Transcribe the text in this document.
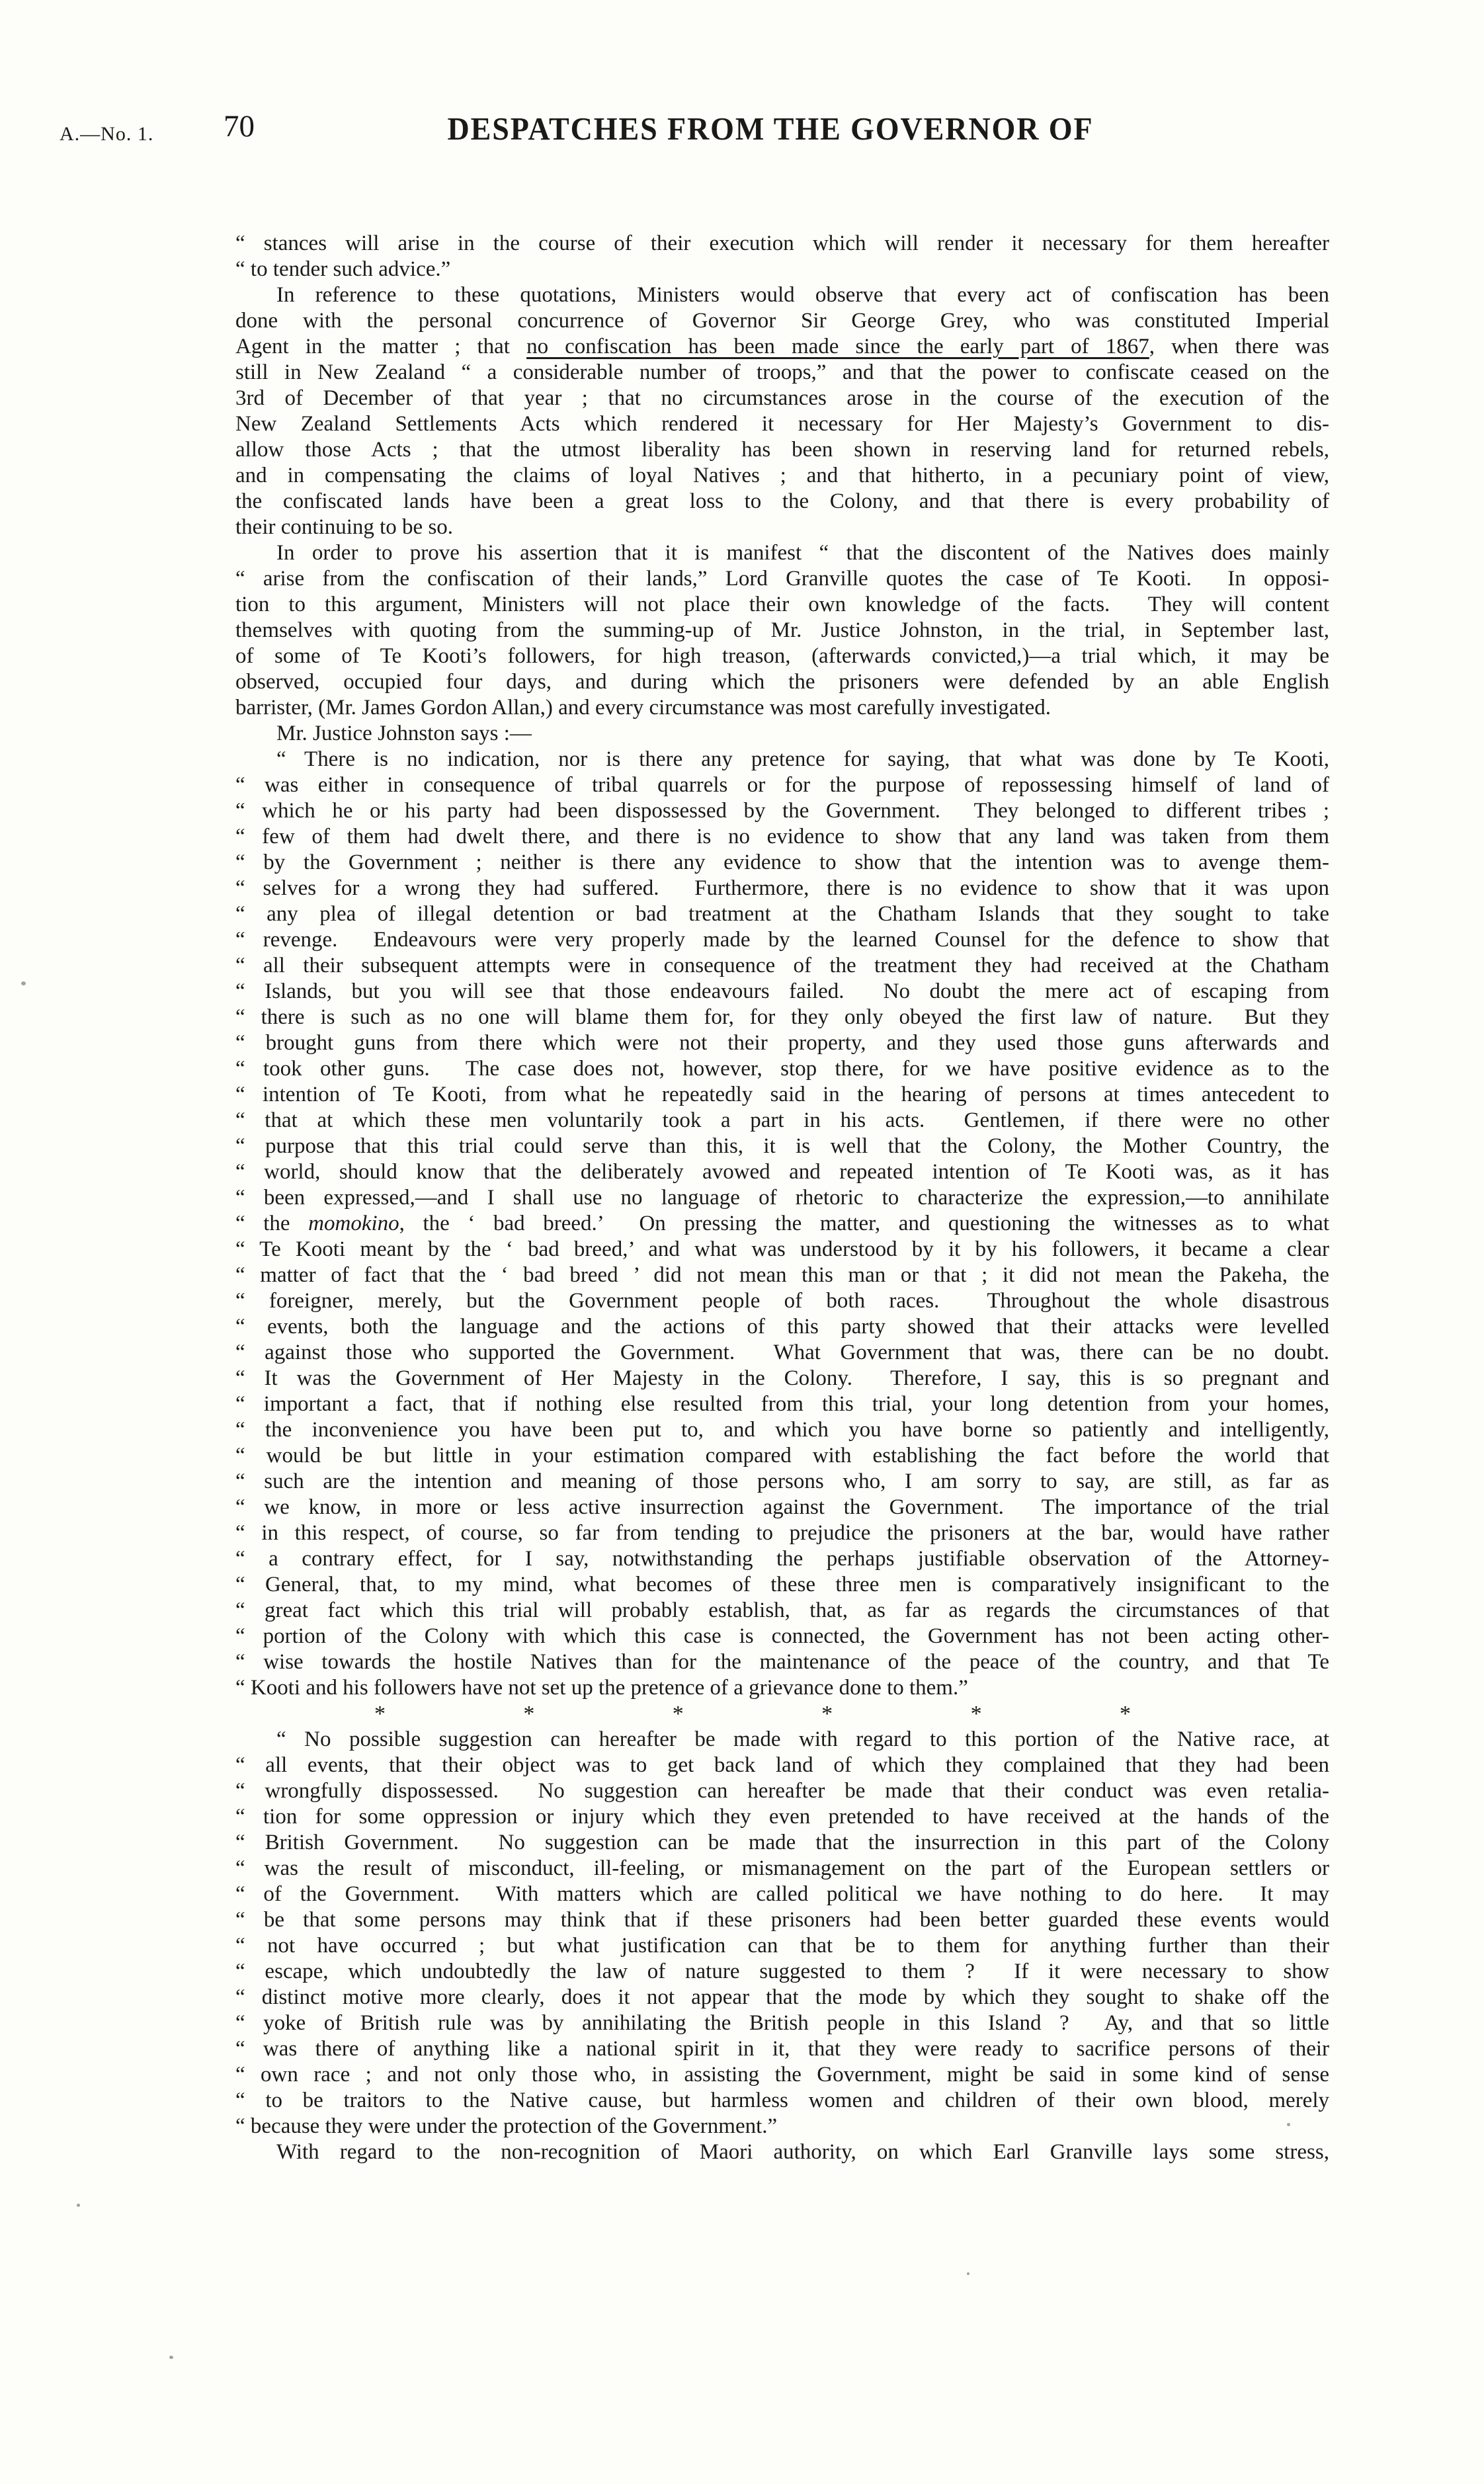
A.—No. 1. 70	DESPATCHES FROM THE GOVERNOR OF
“ stances will arise in the course of their execution which will render it necessary for them hereafter
“ to tender such advice.”
In reference to these quotations, Ministers would observe that every act of confiscation has been
done with the personal concurrence of Governor Sir George Grey, who was constituted Imperial
Agent in the matter ; that no confiscation has been made since the early part of 1867, when there was
still in New Zealand “ a considerable number of troops,” and that the power to confiscate ceased on the
3rd of December of that year ; that no circumstances arose in the course of the execution of the
New Zealand Settlements Acts which rendered it necessary for Her Majesty’s Government to dis-
allow those Acts ; that the utmost liberality has been shown in reserving land for returned rebels,
and in compensating the claims of loyal Natives ; and that hitherto, in a pecuniary point of view,
the confiscated lands have been a great loss to the Colony, and that there is every probability of
their continuing to be so.
In order to prove his assertion that it is manifest “ that the discontent of the Natives does mainly
“ arise from the confiscation of their lands,” Lord Granville quotes the case of Te Kooti.  In opposi-
tion to this argument, Ministers will not place their own knowledge of the facts.  They will content
themselves with quoting from the summing-up of Mr. Justice Johnston, in the trial, in September last,
of some of Te Kooti’s followers, for high treason, (afterwards convicted,)—a trial which, it may be
observed, occupied four days, and during which the prisoners were defended by an able English
barrister, (Mr. James Gordon Allan,) and every circumstance was most carefully investigated.
Mr. Justice Johnston says :—
“ There is no indication, nor is there any pretence for saying, that what was done by Te Kooti,
“ was either in consequence of tribal quarrels or for the purpose of repossessing himself of land of
“ which he or his party had been dispossessed by the Government.  They belonged to different tribes ;
“ few of them had dwelt there, and there is no evidence to show that any land was taken from them
“ by the Government ; neither is there any evidence to show that the intention was to avenge them-
“ selves for a wrong they had suffered.  Furthermore, there is no evidence to show that it was upon
“ any plea of illegal detention or bad treatment at the Chatham Islands that they sought to take
“ revenge.  Endeavours were very properly made by the learned Counsel for the defence to show that
“ all their subsequent attempts were in consequence of the treatment they had received at the Chatham
“ Islands, but you will see that those endeavours failed.  No doubt the mere act of escaping from
“ there is such as no one will blame them for, for they only obeyed the first law of nature.  But they
“ brought guns from there which were not their property, and they used those guns afterwards and
“ took other guns.  The case does not, however, stop there, for we have positive evidence as to the
“ intention of Te Kooti, from what he repeatedly said in the hearing of persons at times antecedent to
“ that at which these men voluntarily took a part in his acts.  Gentlemen, if there were no other
“ purpose that this trial could serve than this, it is well that the Colony, the Mother Country, the
“ world, should know that the deliberately avowed and repeated intention of Te Kooti was, as it has
“ been expressed,—and I shall use no language of rhetoric to characterize the expression,—to annihilate
“ the momokino, the ‘ bad breed.’  On pressing the matter, and questioning the witnesses as to what
“ Te Kooti meant by the ‘ bad breed,’ and what was understood by it by his followers, it became a clear
“ matter of fact that the ‘ bad breed ’ did not mean this man or that ; it did not mean the Pakeha, the
“ foreigner, merely, but the Government people of both races.  Throughout the whole disastrous
“ events, both the language and the actions of this party showed that their attacks were levelled
“ against those who supported the Government.  What Government that was, there can be no doubt.
“ It was the Government of Her Majesty in the Colony.  Therefore, I say, this is so pregnant and
“ important a fact, that if nothing else resulted from this trial, your long detention from your homes,
“ the inconvenience you have been put to, and which you have borne so patiently and intelligently,
“ would be but little in your estimation compared with establishing the fact before the world that
“ such are the intention and meaning of those persons who, I am sorry to say, are still, as far as
“ we know, in more or less active insurrection against the Government.  The importance of the trial
“ in this respect, of course, so far from tending to prejudice the prisoners at the bar, would have rather
“ a contrary effect, for I say, notwithstanding the perhaps justifiable observation of the Attorney-
“ General, that, to my mind, what becomes of these three men is comparatively insignificant to the
“ great fact which this trial will probably establish, that, as far as regards the circumstances of that
“ portion of the Colony with which this case is connected, the Government has not been acting other-
“ wise towards the hostile Natives than for the maintenance of the peace of the country, and that Te
“ Kooti and his followers have not set up the pretence of a grievance done to them.”
*	*	*	*	*	*
“ No possible suggestion can hereafter be made with regard to this portion of the Native race, at
“ all events, that their object was to get back land of which they complained that they had been
“ wrongfully dispossessed.  No suggestion can hereafter be made that their conduct was even retalia-
“ tion for some oppression or injury which they even pretended to have received at the hands of the
“ British Government.  No suggestion can be made that the insurrection in this part of the Colony
“ was the result of misconduct, ill-feeling, or mismanagement on the part of the European settlers or
“ of the Government.  With matters which are called political we have nothing to do here.  It may
“ be that some persons may think that if these prisoners had been better guarded these events would
“ not have occurred ; but what justification can that be to them for anything further than their
“ escape, which undoubtedly the law of nature suggested to them ?  If it were necessary to show
“ distinct motive more clearly, does it not appear that the mode by which they sought to shake off the
“ yoke of British rule was by annihilating the British people in this Island ?  Ay, and that so little
“ was there of anything like a national spirit in it, that they were ready to sacrifice persons of their
“ own race ; and not only those who, in assisting the Government, might be said in some kind of sense
“ to be traitors to the Native cause, but harmless women and children of their own blood, merely
“ because they were under the protection of the Government.”
With regard to the non-recognition of Maori authority, on which Earl Granville lays some stress,
